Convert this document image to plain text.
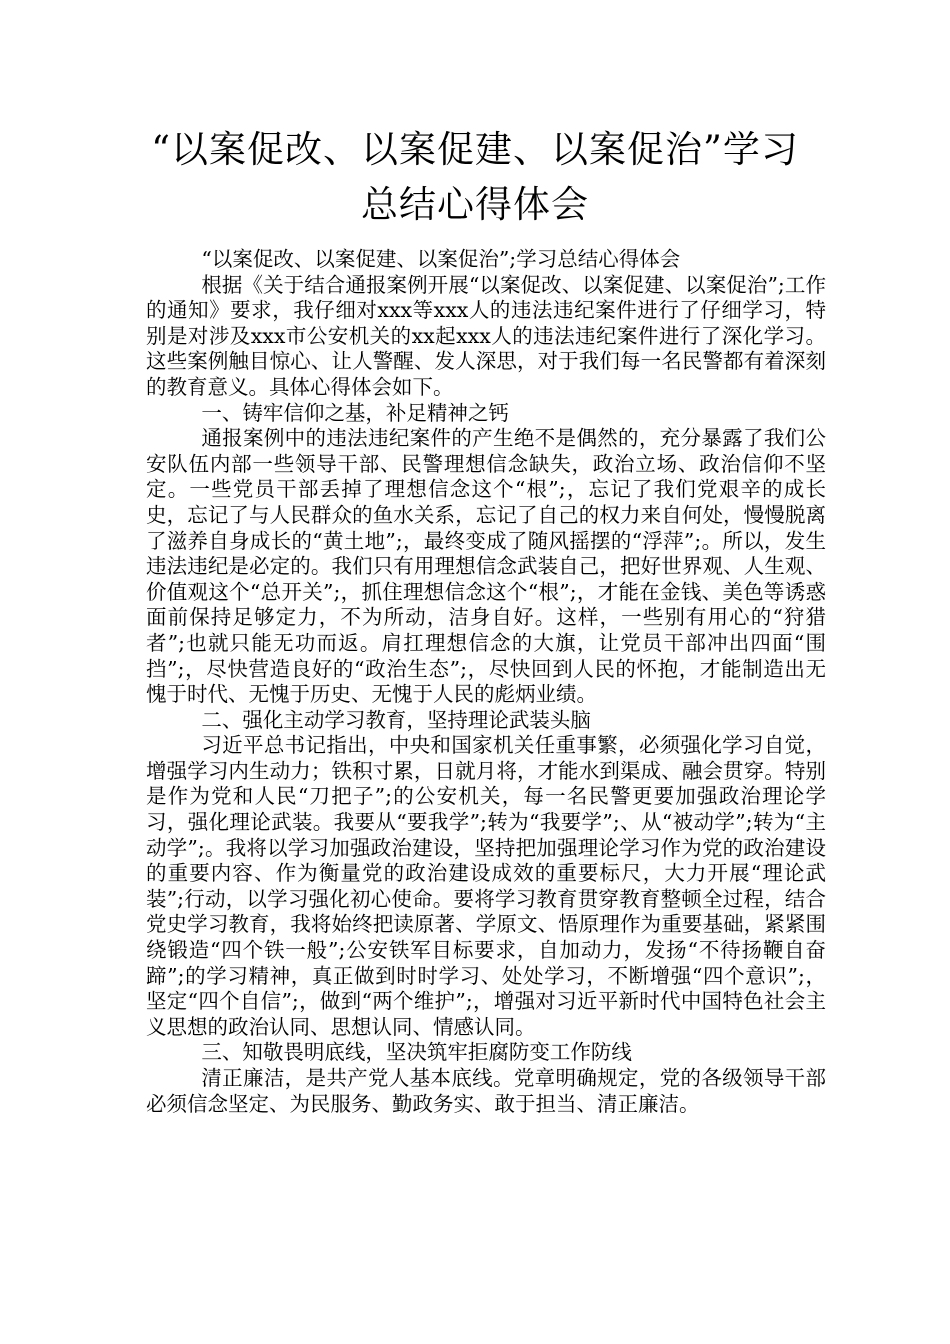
“以案促改、以案促建、以案促治”学习
总结心得体会

“以案促改、以案促建、以案促治”;学习总结心得体会

根据《关于结合通报案例开展“以案促改、以案促建、以案促治”;工作的通知》要求，我仔细对xxx等xxx人的违法违纪案件进行了仔细学习，特别是对涉及xxx市公安机关的xx起xxx人的违法违纪案件进行了深化学习。这些案例触目惊心、让人警醒、发人深思，对于我们每一名民警都有着深刻的教育意义。具体心得体会如下。

一、铸牢信仰之基，补足精神之钙

通报案例中的违法违纪案件的产生绝不是偶然的，充分暴露了我们公安队伍内部一些领导干部、民警理想信念缺失，政治立场、政治信仰不坚定。一些党员干部丢掉了理想信念这个“根”;，忘记了我们党艰辛的成长史，忘记了与人民群众的鱼水关系，忘记了自己的权力来自何处，慢慢脱离了滋养自身成长的“黄土地”;，最终变成了随风摇摆的“浮萍”;。所以，发生违法违纪是必定的。我们只有用理想信念武装自己，把好世界观、人生观、价值观这个“总开关”;，抓住理想信念这个“根”;，才能在金钱、美色等诱惑面前保持足够定力，不为所动，洁身自好。这样，一些别有用心的“狩猎者”;也就只能无功而返。肩扛理想信念的大旗，让党员干部冲出四面“围挡”;，尽快营造良好的“政治生态”;，尽快回到人民的怀抱，才能制造出无愧于时代、无愧于历史、无愧于人民的彪炳业绩。

二、强化主动学习教育，坚持理论武装头脑

习近平总书记指出，中央和国家机关任重事繁，必须强化学习自觉，增强学习内生动力；铁积寸累，日就月将，才能水到渠成、融会贯穿。特别是作为党和人民“刀把子”;的公安机关，每一名民警更要加强政治理论学习，强化理论武装。我要从“要我学”;转为“我要学”;、从“被动学”;转为“主动学”;。我将以学习加强政治建设，坚持把加强理论学习作为党的政治建设的重要内容、作为衡量党的政治建设成效的重要标尺，大力开展“理论武装”;行动，以学习强化初心使命。要将学习教育贯穿教育整顿全过程，结合党史学习教育，我将始终把读原著、学原文、悟原理作为重要基础，紧紧围绕锻造“四个铁一般”;公安铁军目标要求，自加动力，发扬“不待扬鞭自奋蹄”;的学习精神，真正做到时时学习、处处学习，不断增强“四个意识”;，坚定“四个自信”;，做到“两个维护”;，增强对习近平新时代中国特色社会主义思想的政治认同、思想认同、情感认同。

三、知敬畏明底线，坚决筑牢拒腐防变工作防线

清正廉洁，是共产党人基本底线。党章明确规定，党的各级领导干部必须信念坚定、为民服务、勤政务实、敢于担当、清正廉洁。
